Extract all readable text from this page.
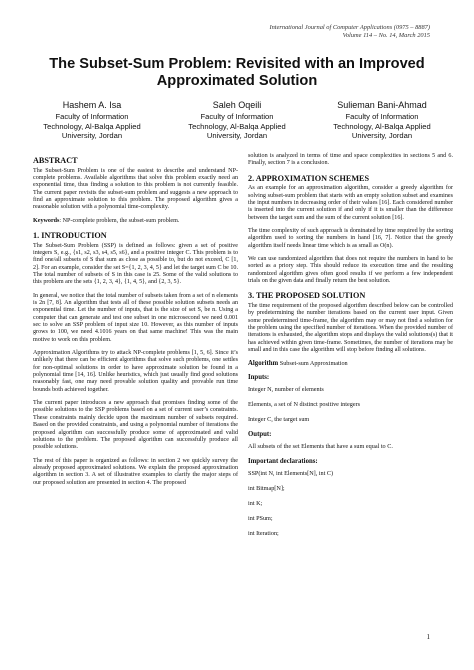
International Journal of Computer Applications (0975 – 8887)
Volume 114 – No. 14, March 2015
The Subset-Sum Problem: Revisited with an Improved Approximated Solution
Hashem A. Isa
Faculty of Information
Technology, Al-Balqa Applied
University, Jordan
Saleh Oqeili
Faculty of Information
Technology, Al-Balqa Applied
University, Jordan
Sulieman Bani-Ahmad
Faculty of Information
Technology, Al-Balqa Applied
University, Jordan
ABSTRACT

The Subset-Sum Problem is one of the easiest to describe and understand NP-complete problems. Available algorithms that solve this problem exactly need an exponential time, thus finding a solution to this problem is not currently feasible. The current paper revisits the subset-sum problem and suggests a new approach to find an approximate solution to this problem. The proposed algorithm gives a reasonable solution with a polynomial time-complexity.

Keywords: NP-complete problem, the subset-sum problem.

1. INTRODUCTION

The Subset-Sum Problem (SSP) is defined as follows: given a set of positive integers S, e.g., {s1, s2, s3, s4, s5, s6}, and a positive integer C. This problem is to find one/all subsets of S that sum as close as possible to, but do not exceed, C [1, 2]. For an example, consider the set S={1, 2, 3, 4, 5} and let the target sum C be 10. The total number of subsets of S in this case is 25. Some of the valid solutions to this problem are the sets {1, 2, 3, 4}, {1, 4, 5}, and {2, 3, 5}.

In general, we notice that the total number of subsets taken from a set of n elements is 2n [7, 8]. An algorithm that tests all of these possible solution subsets needs an exponential time. Let the number of inputs, that is the size of set S, be n. Using a computer that can generate and test one subset in one microsecond we need 0.001 sec to solve an SSP problem of input size 10. However, as this number of inputs grows to 100, we need 4.1016 years on that same machine! This was the main motive to work on this problem.

Approximation Algorithms try to attack NP-complete problems [1, 5, 6]. Since it’s unlikely that there can be efficient algorithms that solve such problems, one settles for non-optimal solutions in order to have approximate solution be found in a polynomial time [14, 16]. Unlike heuristics, which just usually find good solutions reasonably fast, one may need provable solution quality and provable run time bounds both achieved together.

The current paper introduces a new approach that promises finding some of the possible solutions to the SSP problems based on a set of current user’s constraints. These constraints mainly decide upon the maximum number of subsets required. Based on the provided constraints, and using a polynomial number of iterations the proposed algorithm can successfully produce some of approximated and valid solutions to the problem. The proposed algorithm can successfully produce all possible solutions.

The rest of this paper is organized as follows: in section 2 we quickly survey the already proposed approximated solutions. We explain the proposed approximation algorithm in section 3. A set of illustrative examples to clarify the major steps of our proposed solution are presented in section 4. The proposed

solution is analyzed in terms of time and space complexities in sections 5 and 6. Finally, section 7 is a conclusion.

2. APPROXIMATION SCHEMES

As an example for an approximation algorithm, consider a greedy algorithm for solving subset-sum problem that starts with an empty solution subset and examines the input numbers in decreasing order of their values [16]. Each considered number is inserted into the current solution if and only if it is smaller than the difference between the target sum and the sum of the current solution [16].

The time complexity of such approach is dominated by time required by the sorting algorithm used to sorting the numbers in hand [16, 7]. Notice that the greedy algorithm itself needs linear time which is as small as O(n).

We can use randomized algorithm that does not require the numbers in hand to be sorted as a priory step. This should reduce its execution time and the resulting randomized algorithm gives often good results if we perform a few independent trials on the given data and finally return the best solution.

3. THE PROPOSED SOLUTION

The time requirement of the proposed algorithm described below can be controlled by predetermining the number iterations based on the current user input. Given some predetermined time-frame, the algorithm may or may not find a solution for the problem using the specified number of iterations. When the provided number of iterations is exhausted, the algorithm stops and displays the valid solutions(s) that it has achieved within given time-frame. Sometimes, the number of iterations may be small and in this case the algorithm will stop before finding all solutions.

Algorithm Subset-sum Approximation
Inputs:
Integer N, number of elements
Elements, a set of N distinct positive integers
Integer C, the target sum
Output:
All subsets of the set Elements that have a sum equal to C.
Important declarations:
SSP(int N, int Elements[N], int C)
int Bitmap[N];
int K;
int PSum;
int Iteration;
1
